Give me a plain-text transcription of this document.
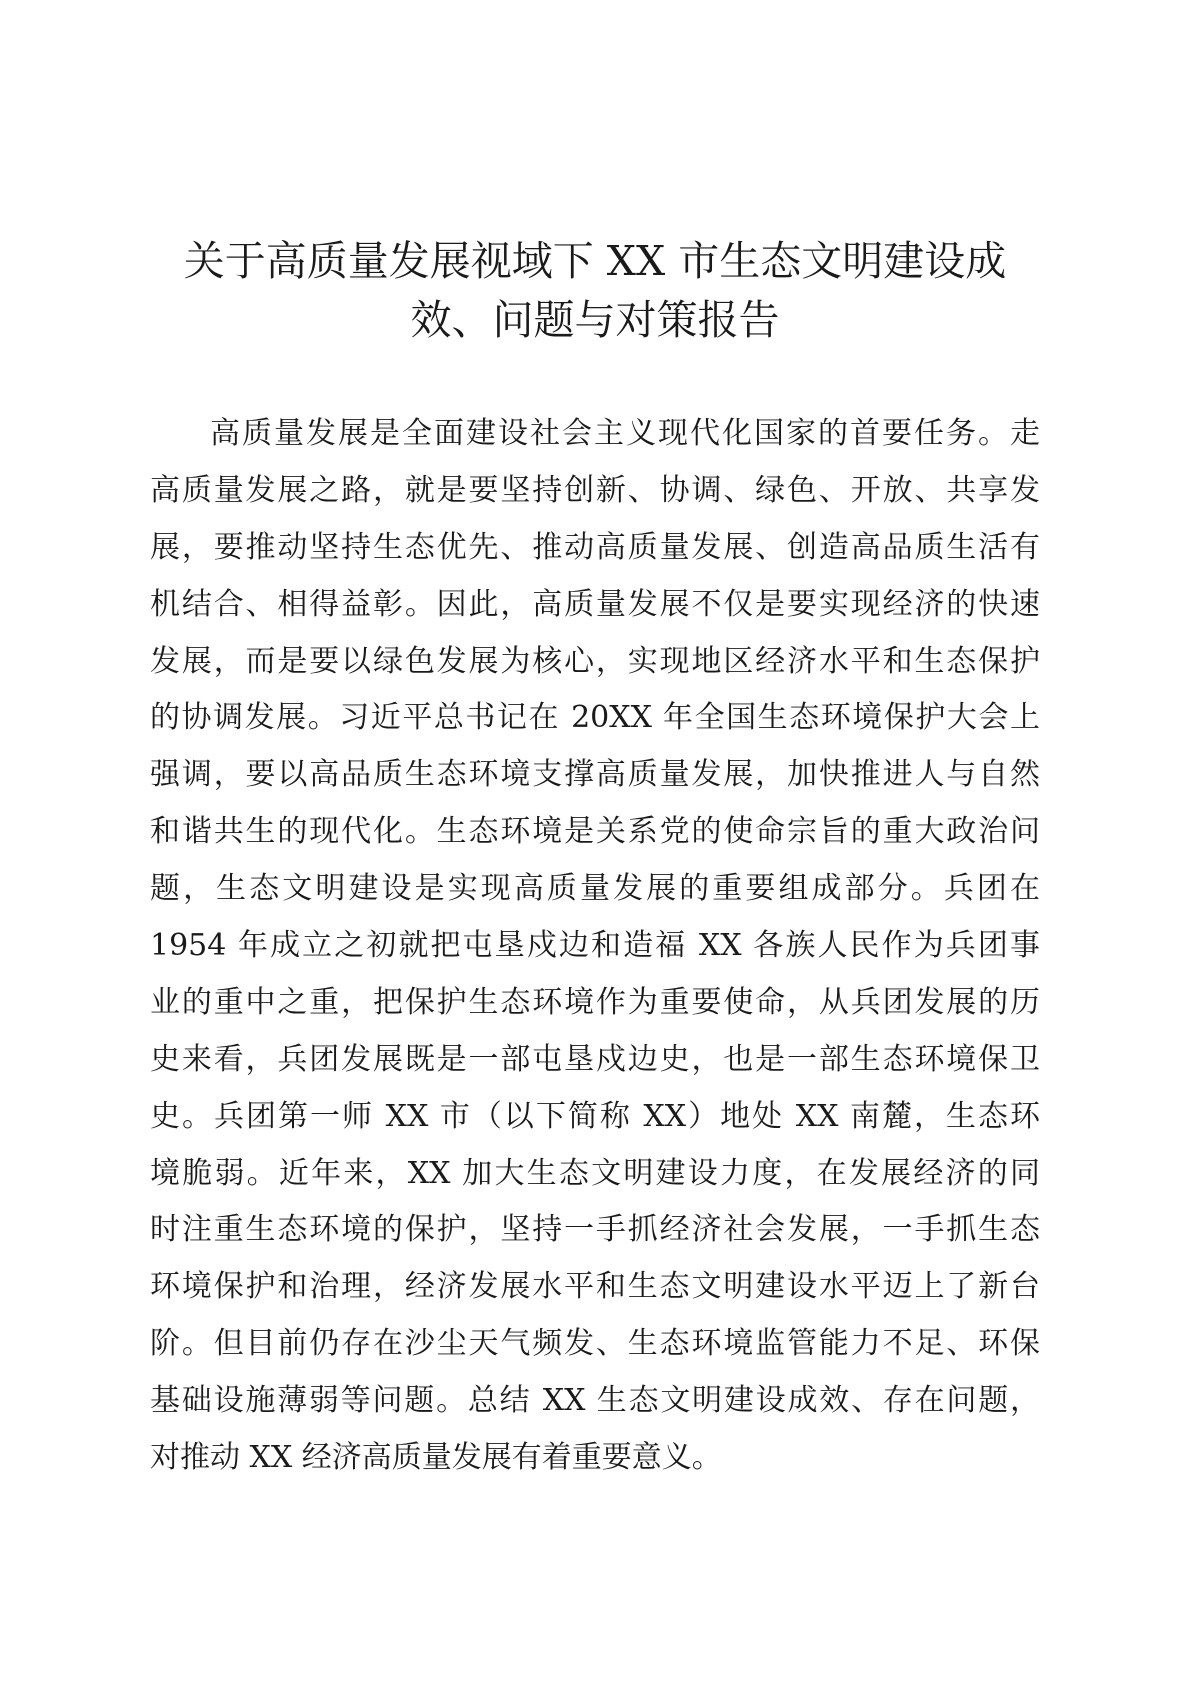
关于高质量发展视域下 XX 市生态文明建设成
效、问题与对策报告

高质量发展是全面建设社会主义现代化国家的首要任务。走
高质量发展之路，就是要坚持创新、协调、绿色、开放、共享发
展，要推动坚持生态优先、推动高质量发展、创造高品质生活有
机结合、相得益彰。因此，高质量发展不仅是要实现经济的快速
发展，而是要以绿色发展为核心，实现地区经济水平和生态保护
的协调发展。习近平总书记在 20XX 年全国生态环境保护大会上
强调，要以高品质生态环境支撑高质量发展，加快推进人与自然
和谐共生的现代化。生态环境是关系党的使命宗旨的重大政治问
题，生态文明建设是实现高质量发展的重要组成部分。兵团在
1954 年成立之初就把屯垦戍边和造福 XX 各族人民作为兵团事
业的重中之重，把保护生态环境作为重要使命，从兵团发展的历
史来看，兵团发展既是一部屯垦戍边史，也是一部生态环境保卫
史。兵团第一师 XX 市（以下简称 XX）地处 XX 南麓，生态环
境脆弱。近年来，XX 加大生态文明建设力度，在发展经济的同
时注重生态环境的保护，坚持一手抓经济社会发展，一手抓生态
环境保护和治理，经济发展水平和生态文明建设水平迈上了新台
阶。但目前仍存在沙尘天气频发、生态环境监管能力不足、环保
基础设施薄弱等问题。总结 XX 生态文明建设成效、存在问题，
对推动 XX 经济高质量发展有着重要意义。
